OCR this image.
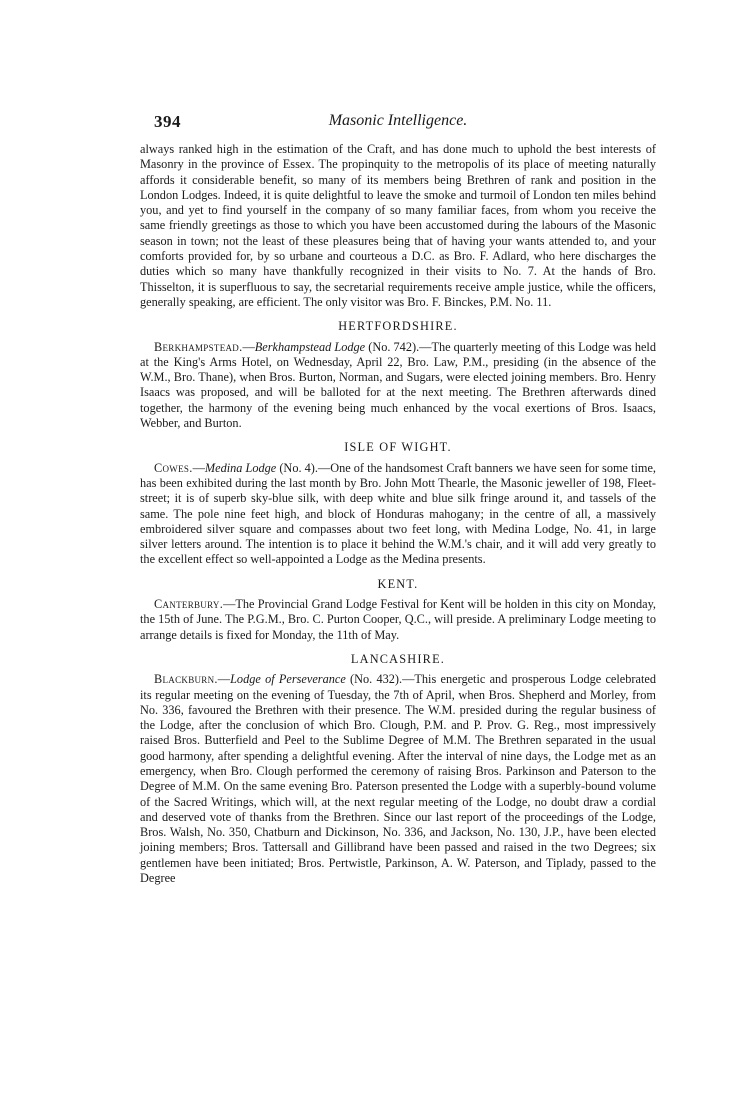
394	Masonic Intelligence.

always ranked high in the estimation of the Craft, and has done much to uphold the best interests of Masonry in the province of Essex. The propinquity to the metropolis of its place of meeting naturally affords it considerable benefit, so many of its members being Brethren of rank and position in the London Lodges. Indeed, it is quite delightful to leave the smoke and turmoil of London ten miles behind you, and yet to find yourself in the company of so many familiar faces, from whom you receive the same friendly greetings as those to which you have been accustomed during the labours of the Masonic season in town; not the least of these pleasures being that of having your wants attended to, and your comforts provided for, by so urbane and courteous a D.C. as Bro. F. Adlard, who here discharges the duties which so many have thankfully recognized in their visits to No. 7. At the hands of Bro. Thisselton, it is superfluous to say, the secretarial requirements receive ample justice, while the officers, generally speaking, are efficient. The only visitor was Bro. F. Binckes, P.M. No. 11.

HERTFORDSHIRE.

Berkhampstead.—Berkhampstead Lodge (No. 742).—The quarterly meeting of this Lodge was held at the King's Arms Hotel, on Wednesday, April 22, Bro. Law, P.M., presiding (in the absence of the W.M., Bro. Thane), when Bros. Burton, Norman, and Sugars, were elected joining members. Bro. Henry Isaacs was proposed, and will be balloted for at the next meeting. The Brethren afterwards dined together, the harmony of the evening being much enhanced by the vocal exertions of Bros. Isaacs, Webber, and Burton.

ISLE OF WIGHT.

Cowes.—Medina Lodge (No. 4).—One of the handsomest Craft banners we have seen for some time, has been exhibited during the last month by Bro. John Mott Thearle, the Masonic jeweller of 198, Fleet-street; it is of superb sky-blue silk, with deep white and blue silk fringe around it, and tassels of the same. The pole nine feet high, and block of Honduras mahogany; in the centre of all, a massively embroidered silver square and compasses about two feet long, with Medina Lodge, No. 41, in large silver letters around. The intention is to place it behind the W.M.'s chair, and it will add very greatly to the excellent effect so well-appointed a Lodge as the Medina presents.

KENT.

Canterbury.—The Provincial Grand Lodge Festival for Kent will be holden in this city on Monday, the 15th of June. The P.G.M., Bro. C. Purton Cooper, Q.C., will preside. A preliminary Lodge meeting to arrange details is fixed for Monday, the 11th of May.

LANCASHIRE.

Blackburn.—Lodge of Perseverance (No. 432).—This energetic and prosperous Lodge celebrated its regular meeting on the evening of Tuesday, the 7th of April, when Bros. Shepherd and Morley, from No. 336, favoured the Brethren with their presence. The W.M. presided during the regular business of the Lodge, after the conclusion of which Bro. Clough, P.M. and P. Prov. G. Reg., most impressively raised Bros. Butterfield and Peel to the Sublime Degree of M.M. The Brethren separated in the usual good harmony, after spending a delightful evening. After the interval of nine days, the Lodge met as an emergency, when Bro. Clough performed the ceremony of raising Bros. Parkinson and Paterson to the Degree of M.M. On the same evening Bro. Paterson presented the Lodge with a superbly-bound volume of the Sacred Writings, which will, at the next regular meeting of the Lodge, no doubt draw a cordial and deserved vote of thanks from the Brethren. Since our last report of the proceedings of the Lodge, Bros. Walsh, No. 350, Chatburn and Dickinson, No. 336, and Jackson, No. 130, J.P., have been elected joining members; Bros. Tattersall and Gillibrand have been passed and raised in the two Degrees; six gentlemen have been initiated; Bros. Pertwistle, Parkinson, A. W. Paterson, and Tiplady, passed to the Degree
